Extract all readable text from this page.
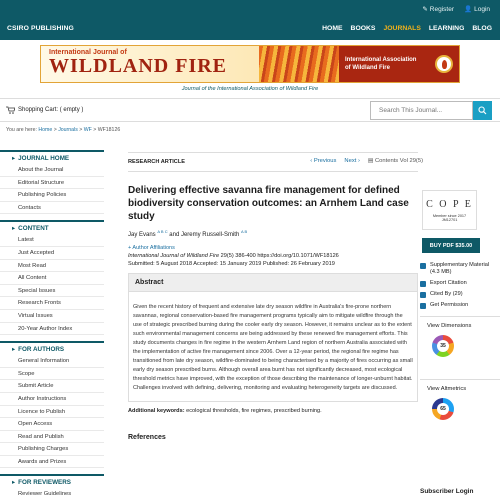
✎ Register 👤 Login
CSIRO PUBLISHING	HOME BOOKS JOURNALS LEARNING BLOG
International Journal of
WILDLAND FIRE	International Association of Wildland Fire
Journal of the International Association of Wildland Fire
Shopping Cart: ( empty )
Search This Journal...
You are here: Home > Journals > WF > WF18126
▸ JOURNAL HOME
About the Journal
Editorial Structure
Publishing Policies
Contacts
▸ CONTENT
Latest
Just Accepted
Most Read
All Content
Special Issues
Research Fronts
Virtual Issues
20-Year Author Index
▸ FOR AUTHORS
General Information
Scope
Submit Article
Author Instructions
Licence to Publish
Open Access
Read and Publish
Publishing Charges
Awards and Prizes
▸ FOR REVIEWERS
Reviewer Guidelines
RESEARCH ARTICLE	‹ Previous Next › ▤ Contents Vol 29(5)
Delivering effective savanna fire management for defined biodiversity conservation outcomes: an Arnhem Land case study
Jay Evans $^{A B C}$ and Jeremy Russell-Smith $^{A B}$
+ Author Affiliations
International Journal of Wildland Fire 29(5) 386-400 https://doi.org/10.1071/WF18126
Submitted: 5 August 2018 Accepted: 15 January 2019 Published: 26 February 2019
Abstract

Given the recent history of frequent and extensive late dry season wildfire in Australia's fire-prone northern savannas, regional conservation-based fire management programs typically aim to mitigate wildfire through the use of strategic prescribed burning during the cooler early dry season. However, it remains unclear as to the extent such environmental management concerns are being addressed by these renewed fire management efforts. This study documents changes in fire regime in the western Arnhem Land region of northern Australia associated with the implementation of active fire management since 2006. Over a 12-year period, the regional fire regime has transitioned from late dry season, wildfire-dominated to being characterised by a majority of fires occurring as small early dry season prescribed burns. Although overall area burnt has not significantly decreased, most ecological threshold metrics have improved, with the exception of those describing the maintenance of longer-unburnt habitat. Challenges involved with defining, delivering, monitoring and evaluating heterogeneity targets are discussed.

Additional keywords: ecological thresholds, fire regimes, prescribed burning.
References
C O P E
Member since 2017
JM12701
BUY PDF $35.00
Supplementary Material (4.3 MB)
Export Citation
Cited By (29)
Get Permission
View Dimensions
35
View Altmetrics
65
Subscriber Login
